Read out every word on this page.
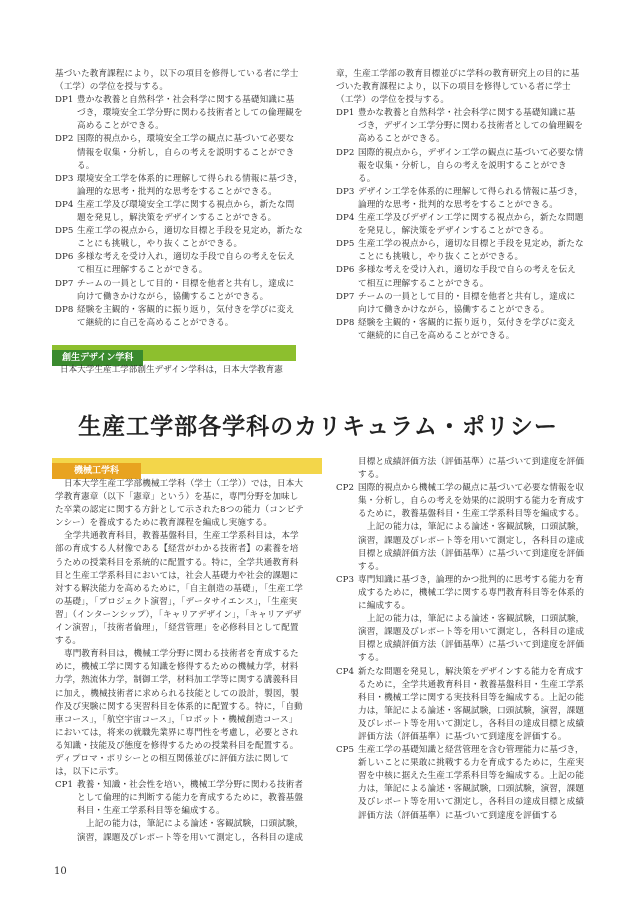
基づいた教育課程により，以下の項目を修得している者に学士（工学）の学位を授与する。

DP1 豊かな教養と自然科学・社会科学に関する基礎知識に基づき，環境安全工学分野に関わる技術者としての倫理観を高めることができる。

DP2 国際的視点から，環境安全工学の観点に基づいて必要な情報を収集・分析し，自らの考えを説明することができる。

DP3 環境安全工学を体系的に理解して得られる情報に基づき，論理的な思考・批判的な思考をすることができる。

DP4 生産工学及び環境安全工学に関する視点から，新たな問題を発見し，解決策をデザインすることができる。

DP5 生産工学の視点から，適切な目標と手段を見定め，新たなことにも挑戦し，やり抜くことができる。

DP6 多様な考えを受け入れ，適切な手段で自らの考えを伝えて相互に理解することができる。

DP7 チームの一員として目的・目標を他者と共有し，達成に向けて働きかけながら，協働することができる。

DP8 経験を主観的・客観的に振り返り，気付きを学びに変えて継続的に自己を高めることができる。

章，生産工学部の教育目標並びに学科の教育研究上の目的に基づいた教育課程により，以下の項目を修得している者に学士（工学）の学位を授与する。

DP1 豊かな教養と自然科学・社会科学に関する基礎知識に基づき，デザイン工学分野に関わる技術者としての倫理観を高めることができる。

DP2 国際的視点から，デザイン工学の観点に基づいて必要な情報を収集・分析し，自らの考えを説明することができる。

DP3 デザイン工学を体系的に理解して得られる情報に基づき，論理的な思考・批判的な思考をすることができる。

DP4 生産工学及びデザイン工学に関する視点から，新たな問題を発見し，解決策をデザインすることができる。

DP5 生産工学の視点から，適切な目標と手段を見定め，新たなことにも挑戦し，やり抜くことができる。

DP6 多様な考えを受け入れ，適切な手段で自らの考えを伝えて相互に理解することができる。

DP7 チームの一員として目的・目標を他者と共有し，達成に向けて働きかけながら，協働することができる。

DP8 経験を主観的・客観的に振り返り，気付きを学びに変えて継続的に自己を高めることができる。

創生デザイン学科

日本大学生産工学部創生デザイン学科は，日本大学教育憲

生産工学部各学科のカリキュラム・ポリシー
機械工学科

日本大学生産工学部機械工学科（学士（工学））では，日本大学教育憲章（以下「憲章」という）を基に，専門分野を加味した卒業の認定に関する方針として示された8つの能力（コンピテンシー）を養成するために教育課程を編成し実施する。

全学共通教育科目，教養基盤科目，生産工学系科目は，本学部の育成する人材像である【経営がわかる技術者】の素養を培うための授業科目を系統的に配置する。特に，全学共通教育科目と生産工学系科目においては，社会人基礎力や社会的課題に対する解決能力を高めるために，「自主創造の基礎」，「生産工学の基礎」，「プロジェクト演習」，「データサイエンス」，「生産実習」（インターンシップ），「キャリアデザイン」，「キャリアデザイン演習」，「技術者倫理」，「経営管理」を必修科目として配置する。

専門教育科目は，機械工学分野に関わる技術者を育成するために，機械工学に関する知識を修得するための機械力学，材料力学，熱流体力学，制御工学，材料加工学等に関する講義科目に加え，機械技術者に求められる技能としての設計，製図，製作及び実験に関する実習科目を体系的に配置する。特に，「自動車コース」，「航空宇宙コース」，「ロボット・機械創造コース」においては，将来の就職先業界に専門性を考慮し，必要とされる知識・技能及び態度を修得するための授業科目を配置する。ディプロマ・ポリシーとの相互関係並びに評価方法に関しては，以下に示す。

CP1 教養・知識・社会性を培い，機械工学分野に関わる技術者として倫理的に判断する能力を育成するために，教養基盤科目・生産工学系科目等を編成する。

上記の能力は，筆記による論述・客観試験，口頭試験，演習，課題及びレポート等を用いて測定し，各科目の達成

目標と成績評価方法（評価基準）に基づいて到達度を評価する。

CP2 国際的視点から機械工学の観点に基づいて必要な情報を収集・分析し，自らの考えを効果的に説明する能力を育成するために，教養基盤科目・生産工学系科目等を編成する。

上記の能力は，筆記による論述・客観試験，口頭試験，演習，課題及びレポート等を用いて測定し，各科目の達成目標と成績評価方法（評価基準）に基づいて到達度を評価する。

CP3 専門知識に基づき，論理的かつ批判的に思考する能力を育成するために，機械工学に関する専門教育科目等を体系的に編成する。

上記の能力は，筆記による論述・客観試験，口頭試験，演習，課題及びレポート等を用いて測定し，各科目の達成目標と成績評価方法（評価基準）に基づいて到達度を評価する。

CP4 新たな問題を発見し，解決策をデザインする能力を育成するために，全学共通教育科目・教養基盤科目・生産工学系科目・機械工学に関する実技科目等を編成する。上記の能力は，筆記による論述・客観試験，口頭試験，演習，課題及びレポート等を用いて測定し，各科目の達成目標と成績評価方法（評価基準）に基づいて到達度を評価する。

CP5 生産工学の基礎知識と経営管理を含む管理能力に基づき，新しいことに果敢に挑戦する力を育成するために，生産実習を中核に据えた生産工学系科目等を編成する。上記の能力は，筆記による論述・客観試験，口頭試験，演習，課題及びレポート等を用いて測定し，各科目の達成目標と成績評価方法（評価基準）に基づいて到達度を評価する

10
